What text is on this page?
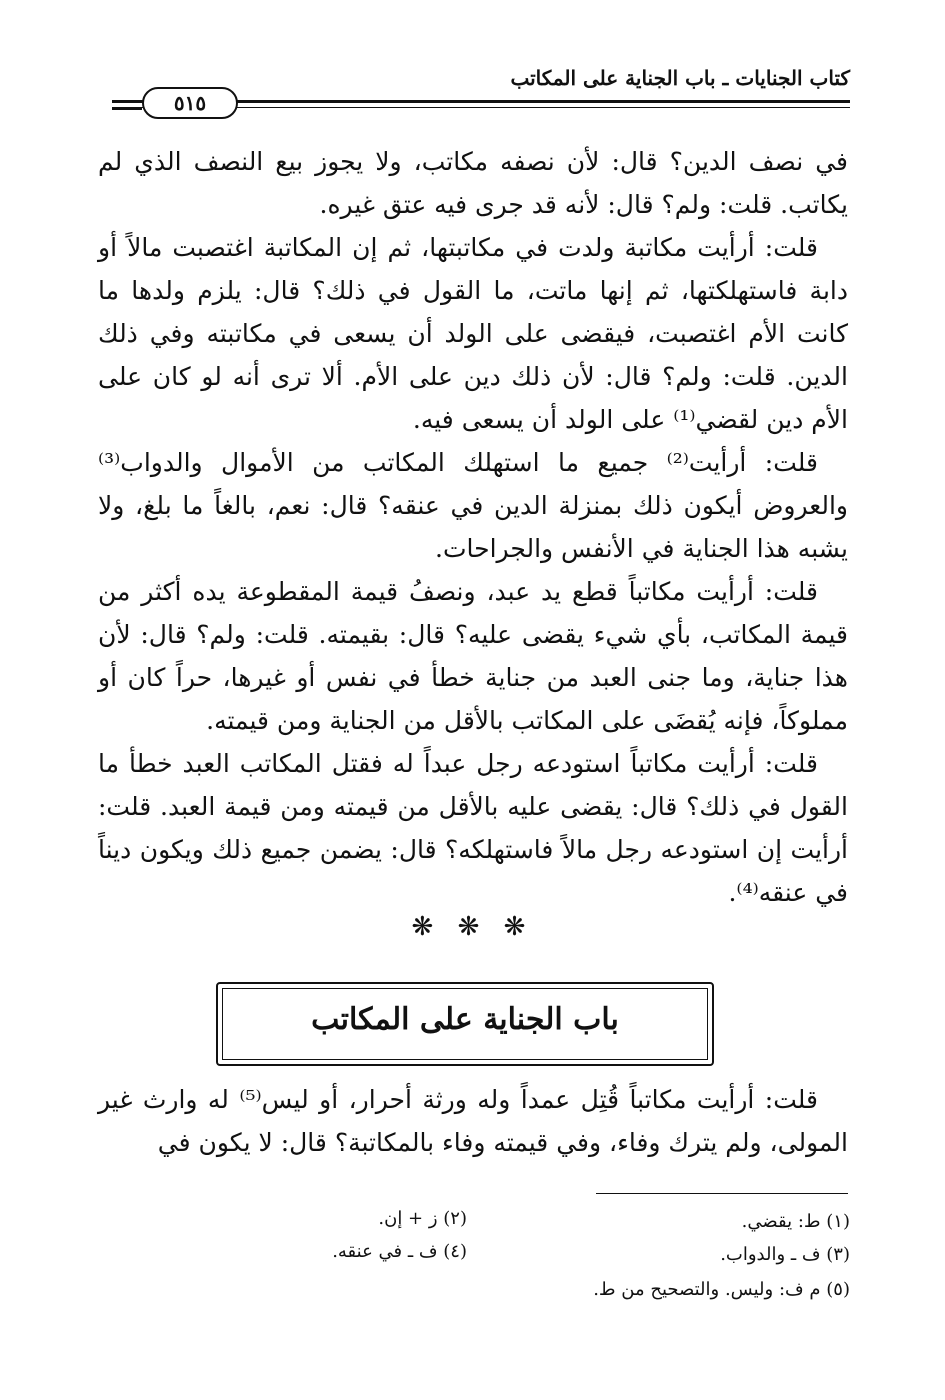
كتاب الجنايات ـ باب الجناية على المكاتب
٥١٥

في نصف الدين؟ قال: لأن نصفه مكاتب، ولا يجوز بيع النصف الذي لم يكاتب. قلت: ولم؟ قال: لأنه قد جرى فيه عتق غيره.

قلت: أرأيت مكاتبة ولدت في مكاتبتها، ثم إن المكاتبة اغتصبت مالاً أو دابة فاستهلكتها، ثم إنها ماتت، ما القول في ذلك؟ قال: يلزم ولدها ما كانت الأم اغتصبت، فيقضى على الولد أن يسعى في مكاتبته وفي ذلك الدين. قلت: ولم؟ قال: لأن ذلك دين على الأم. ألا ترى أنه لو كان على الأم دين لقضي⁽¹⁾ على الولد أن يسعى فيه.

قلت: أرأيت⁽²⁾ جميع ما استهلك المكاتب من الأموال والدواب⁽³⁾ والعروض أيكون ذلك بمنزلة الدين في عنقه؟ قال: نعم، بالغاً ما بلغ، ولا يشبه هذا الجناية في الأنفس والجراحات.

قلت: أرأيت مكاتباً قطع يد عبد، ونصفُ قيمة المقطوعة يده أكثر من قيمة المكاتب، بأي شيء يقضى عليه؟ قال: بقيمته. قلت: ولم؟ قال: لأن هذا جناية، وما جنى العبد من جناية خطأ في نفس أو غيرها، حراً كان أو مملوكاً، فإنه يُقضَى على المكاتب بالأقل من الجناية ومن قيمته.

قلت: أرأيت مكاتباً استودعه رجل عبداً له فقتل المكاتب العبد خطأ ما القول في ذلك؟ قال: يقضى عليه بالأقل من قيمته ومن قيمة العبد. قلت: أرأيت إن استودعه رجل مالاً فاستهلكه؟ قال: يضمن جميع ذلك ويكون ديناً في عنقه⁽⁴⁾.

❋ ❋ ❋
باب الجناية على المكاتب

قلت: أرأيت مكاتباً قُتِل عمداً وله ورثة أحرار، أو ليس⁽⁵⁾ له وارث غير المولى، ولم يترك وفاء، وفي قيمته وفاء بالمكاتبة؟ قال: لا يكون في

(١) ط: يقضي.
(٢) ز + إن.
(٣) ف ـ والدواب.
(٤) ف ـ في عنقه.
(٥) م ف: وليس. والتصحيح من ط.
